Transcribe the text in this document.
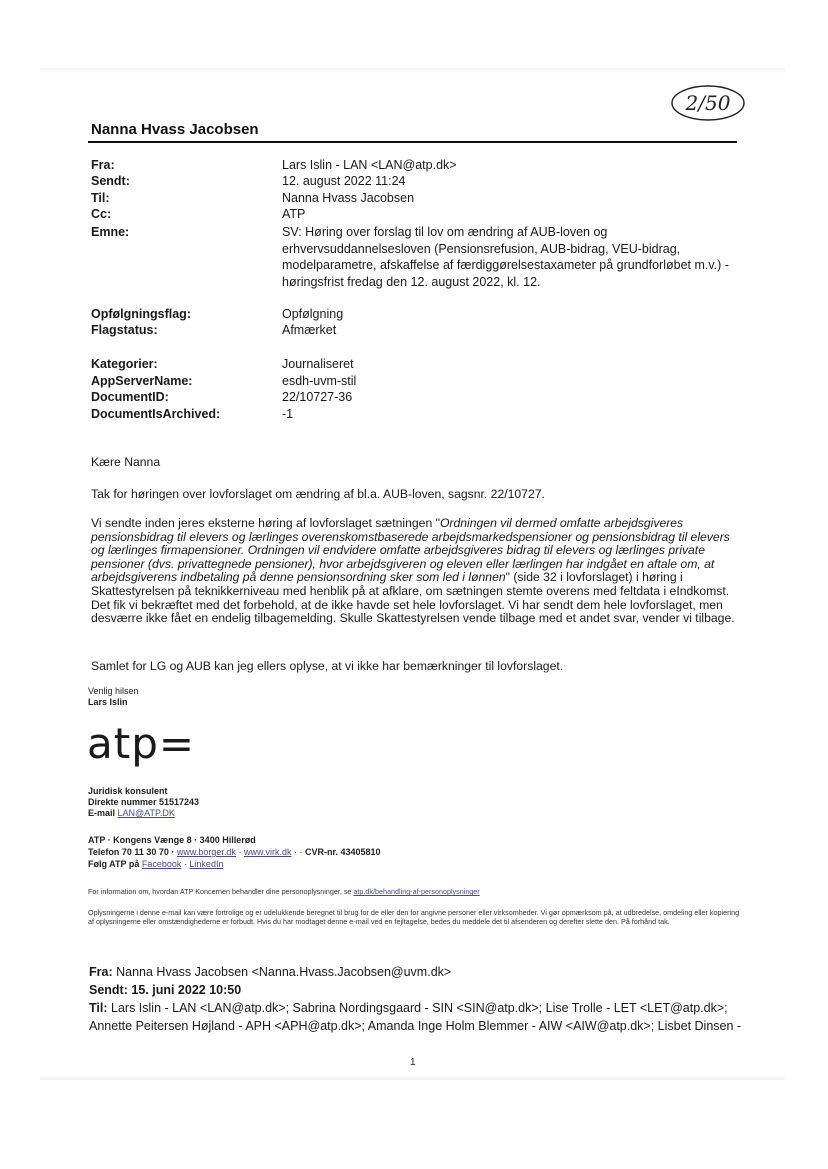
2/50
Nanna Hvass Jacobsen
Fra:	Lars Islin - LAN <LAN@atp.dk>
Sendt:	12. august 2022 11:24
Til:	Nanna Hvass Jacobsen
Cc:	ATP
Emne:	SV: Høring over forslag til lov om ændring af AUB-loven og erhvervsuddannelsesloven (Pensionsrefusion, AUB-bidrag, VEU-bidrag, modelparametre, afskaffelse af færdiggørelsestaxameter på grundforløbet m.v.) - høringsfrist fredag den 12. august 2022, kl. 12.
Opfølgningsflag:	Opfølgning
Flagstatus:	Afmærket
Kategorier:	Journaliseret
AppServerName:	esdh-uvm-stil
DocumentID:	22/10727-36
DocumentIsArchived:	-1
Kære Nanna
Tak for høringen over lovforslaget om ændring af bl.a. AUB-loven, sagsnr. 22/10727.

Vi sendte inden jeres eksterne høring af lovforslaget sætningen "Ordningen vil dermed omfatte arbejdsgiveres pensionsbidrag til elevers og lærlinges overenskomstbaserede arbejdsmarkedspensioner og pensionsbidrag til elevers og lærlinges firmapensioner. Ordningen vil endvidere omfatte arbejdsgiveres bidrag til elevers og lærlinges private pensioner (dvs. privattegnede pensioner), hvor arbejdsgiveren og eleven eller lærlingen har indgået en aftale om, at arbejdsgiverens indbetaling på denne pensionsordning sker som led i lønnen" (side 32 i lovforslaget) i høring i Skattestyrelsen på teknikkerniveau med henblik på at afklare, om sætningen stemte overens med feltdata i eIndkomst. Det fik vi bekræftet med det forbehold, at de ikke havde set hele lovforslaget. Vi har sendt dem hele lovforslaget, men desværre ikke fået en endelig tilbagemelding. Skulle Skattestyrelsen vende tilbage med et andet svar, vender vi tilbage.

Samlet for LG og AUB kan jeg ellers oplyse, at vi ikke har bemærkninger til lovforslaget.
Venlig hilsen
Lars Islin
atp=
Juridisk konsulent
Direkte nummer 51517243
E-mail LAN@ATP.DK
ATP · Kongens Vænge 8 · 3400 Hillerød
Telefon 70 11 30 70 · www.borger.dk · www.virk.dk · · CVR-nr. 43405810
Følg ATP på Facebook · LinkedIn
For information om, hvordan ATP Koncernen behandler dine personoplysninger, se atp.dk/behandling-af-personoplysninger
Oplysningerne i denne e-mail kan være fortrolige og er udelukkende beregnet til brug for de eller den for angivne personer eller virksomheder. Vi gør opmærksom på, at udbredelse, omdeling eller kopiering af oplysningerne eller omstændighederne er forbudt. Hvis du har modtaget denne e-mail ved en fejltagelse, bedes du meddele det til afsenderen og derefter slette den. På forhånd tak.
Fra: Nanna Hvass Jacobsen <Nanna.Hvass.Jacobsen@uvm.dk>
Sendt: 15. juni 2022 10:50
Til: Lars Islin - LAN <LAN@atp.dk>; Sabrina Nordingsgaard - SIN <SIN@atp.dk>; Lise Trolle - LET <LET@atp.dk>; Annette Peitersen Højland - APH <APH@atp.dk>; Amanda Inge Holm Blemmer - AIW <AIW@atp.dk>; Lisbet Dinsen -
1
